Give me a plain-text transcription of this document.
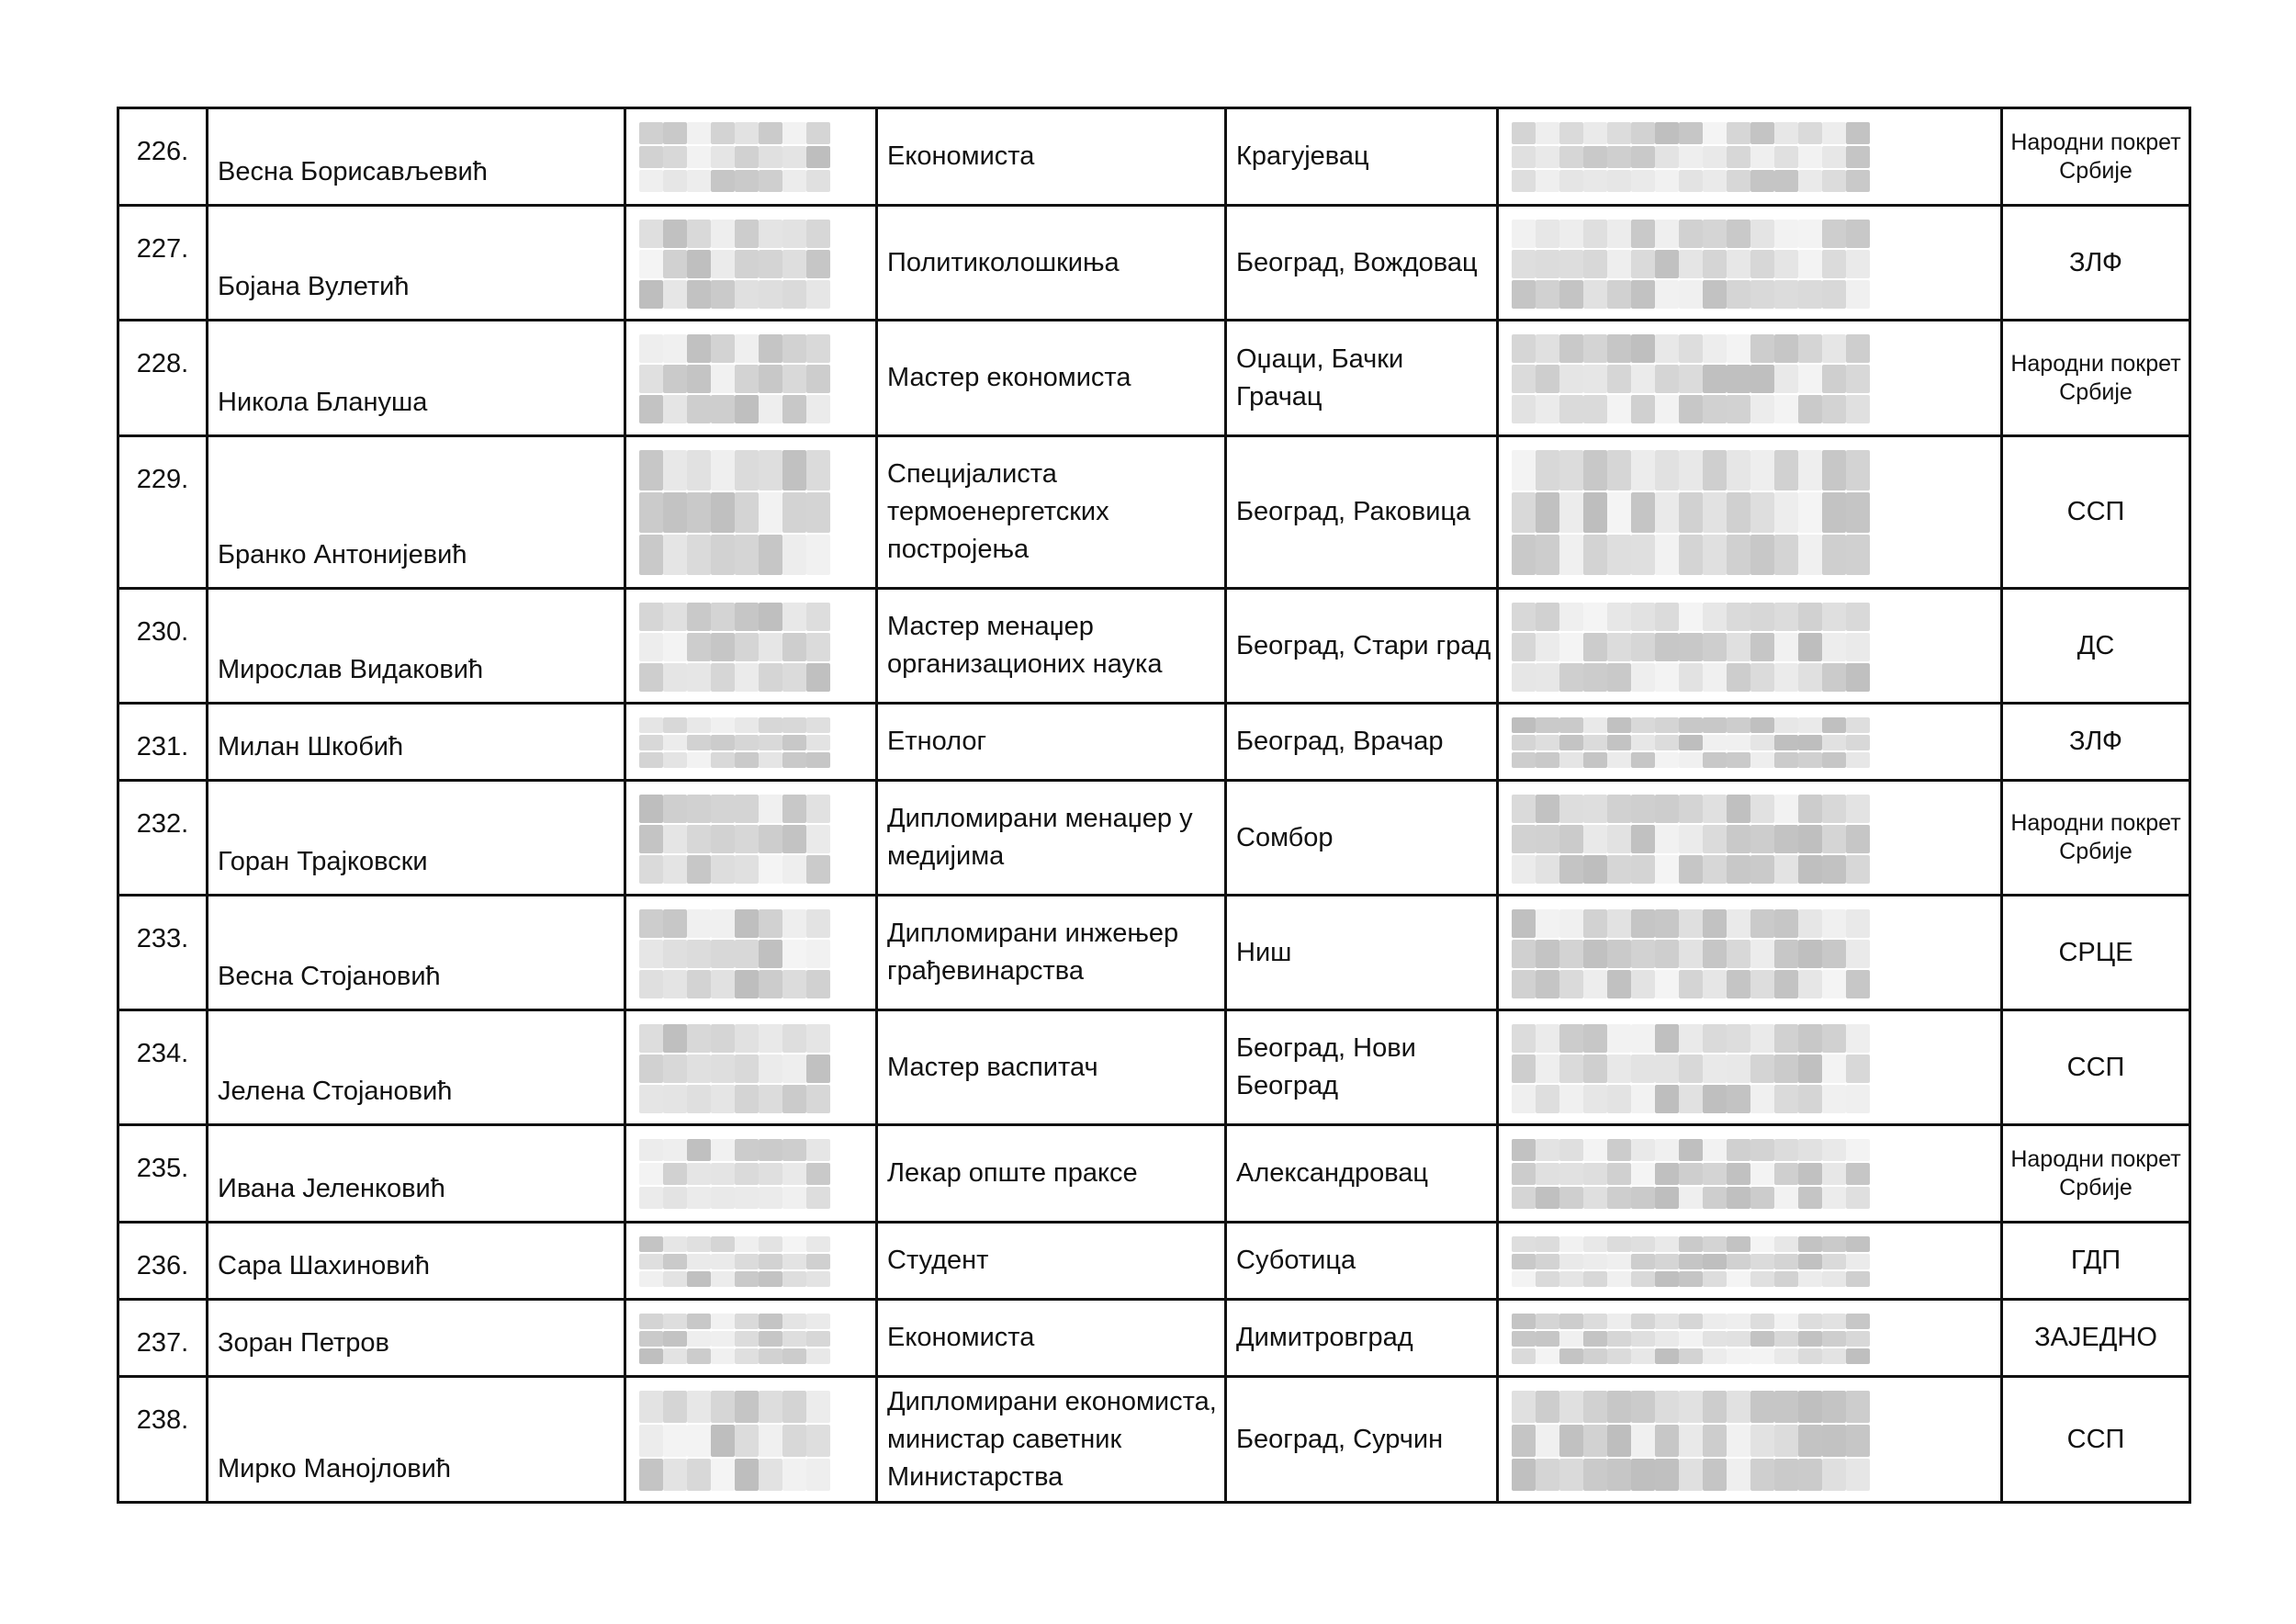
226.	Весна Борисављевић		Економиста	Крагујевац		Народни покрет Србије
227.	Бојана Вулетић		Политиколошкиња	Београд, Вождовац		ЗЛФ
228.	Никола Блануша		Мастер економиста	Оџаци, Бачки Грачац		Народни покрет Србије
229.	Бранко Антонијевић		Специјалиста термоенергетских постројења	Београд, Раковица		ССП
230.	Мирослав Видаковић		Мастер менаџер организационих наука	Београд, Стари град		ДС
231.	Милан Шкобић		Етнолог	Београд, Врачар		ЗЛФ
232.	Горан Трајковски		Дипломирани менаџер у медијима	Сомбор		Народни покрет Србије
233.	Весна Стојановић		Дипломирани инжењер грађевинарства	Ниш		СРЦЕ
234.	Јелена Стојановић		Мастер васпитач	Београд, Нови Београд		ССП
235.	Ивана Јеленковић		Лекар опште праксе	Александровац		Народни покрет Србије
236.	Сара Шахиновић		Студент	Суботица		ГДП
237.	Зоран Петров		Економиста	Димитровград		ЗАЈЕДНО
238.	Мирко Манојловић		Дипломирани економиста, министар саветник Министарства	Београд, Сурчин		ССП
